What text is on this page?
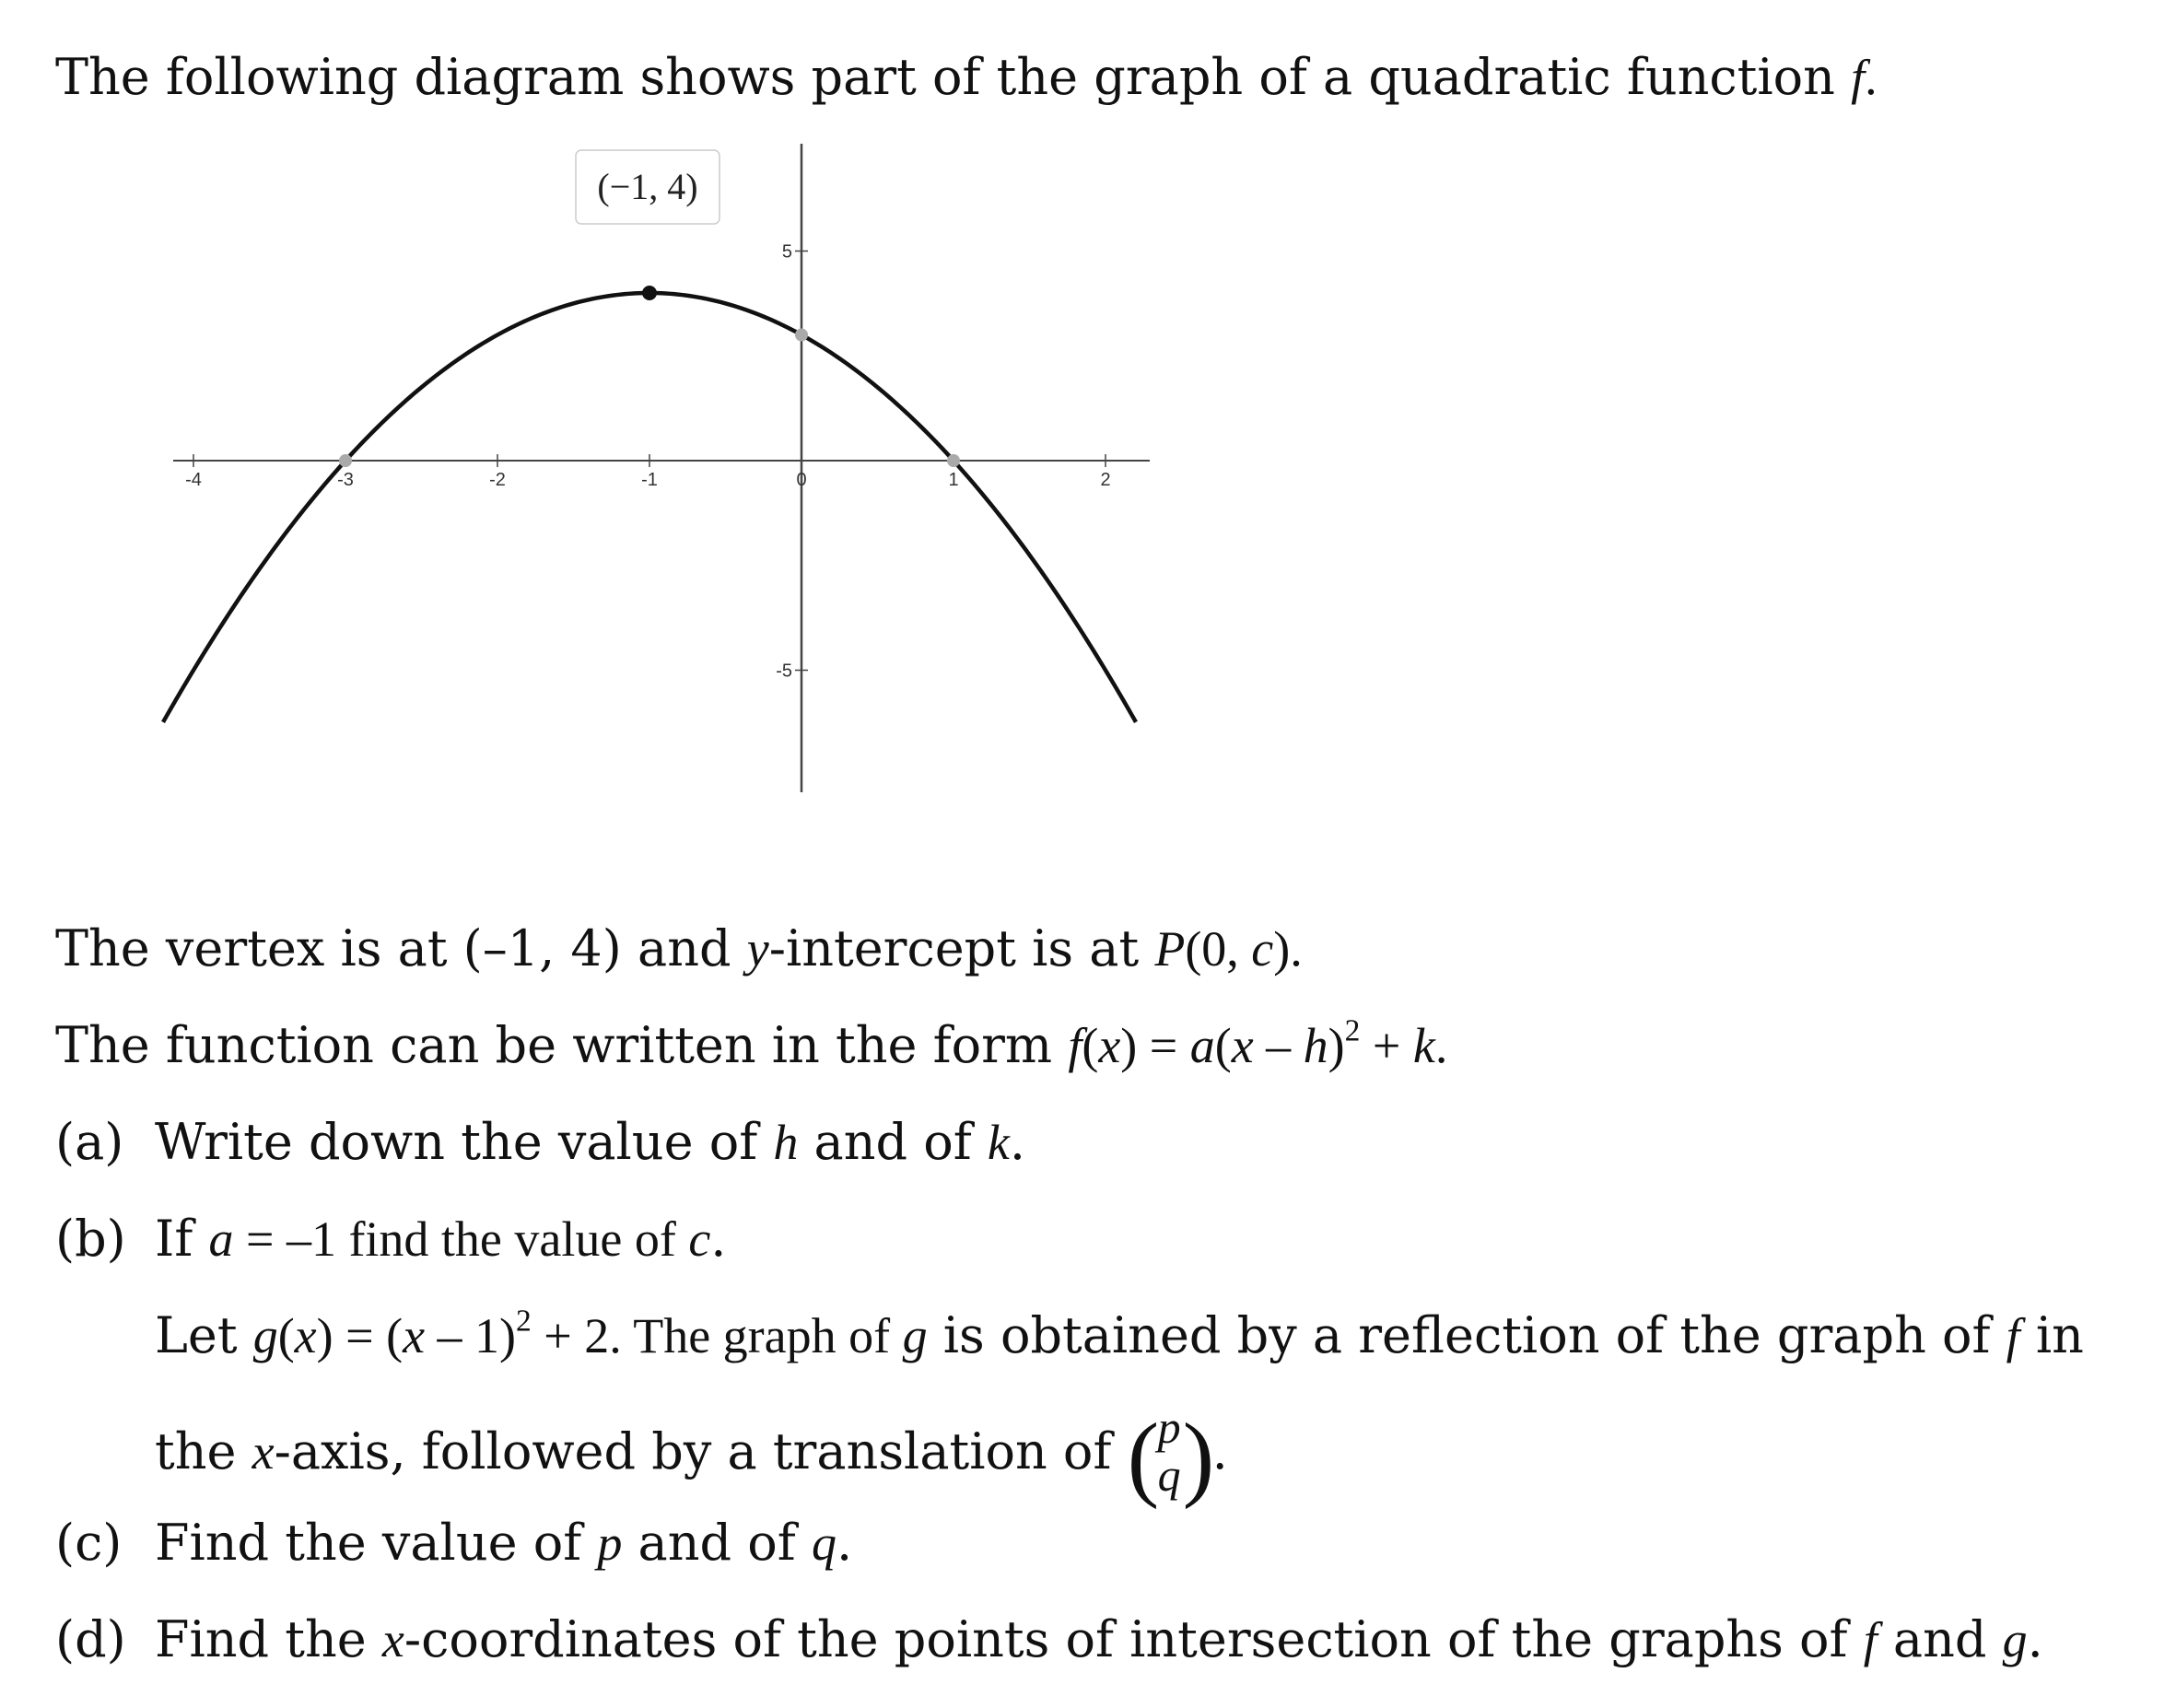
The following diagram shows part of the graph of a quadratic function f.
-4	-3	-2	-1	0	1	2
5
-5
(−1, 4)
The vertex is at (–1, 4) and y-intercept is at P(0, c).
The function can be written in the form f(x) = a(x – h)$^2$ + k.
(a) Write down the value of h and of k.
(b) If a = –1 find the value of c.
Let g(x) = (x – 1)$^2$ + 2. The graph of g is obtained by a reflection of the graph of f in
the x-axis, followed by a translation of (
p
q )
.
(c) Find the value of p and of q.
(d) Find the x-coordinates of the points of intersection of the graphs of f and g.
